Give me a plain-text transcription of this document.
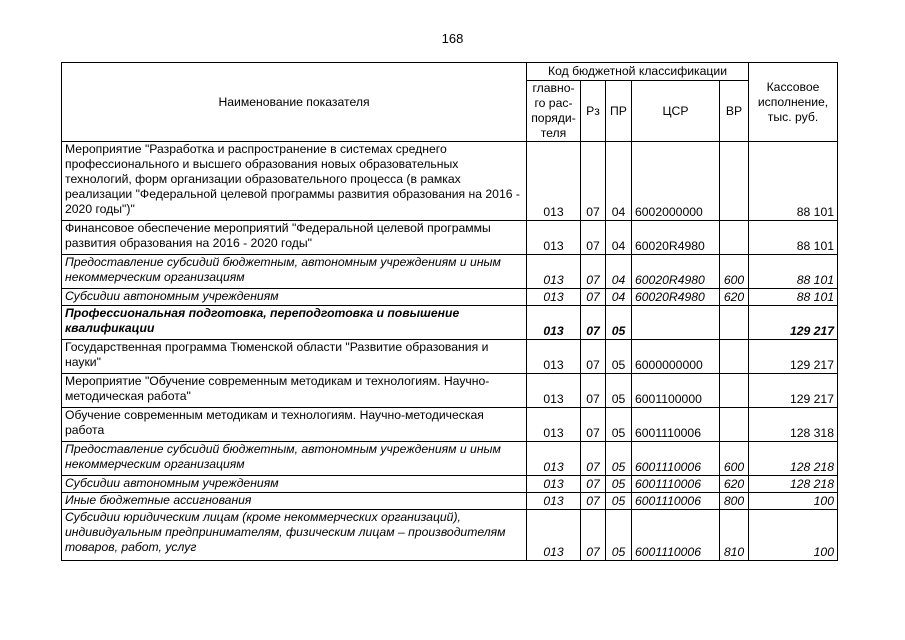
168
Наименование показателя	Код бюджетной классификации					Кассовое
исполнение,
тыс. руб.

	главно-
го рас-
поряди-
теля	Рз	ПР	ЦСР	ВР	
Мероприятие "Разработка и распространение в системах среднего профессионального и высшего образования новых образовательных технологий, форм организации образовательного процесса (в рамках реализации "Федеральной целевой программы развития образования на 2016 - 2020 годы")"	013	07	04	6002000000		88 101
Финансовое обеспечение мероприятий "Федеральной целевой программы развития образования на 2016 - 2020 годы"	013	07	04	60020R4980		88 101
Предоставление субсидий бюджетным, автономным учреждениям и иным некоммерческим организациям	013	07	04	60020R4980	600	88 101
Субсидии автономным учреждениям	013	07	04	60020R4980	620	88 101
Профессиональная подготовка, переподготовка и повышение квалификации	013	07	05			129 217
Государственная программа Тюменской области "Развитие образования и науки"	013	07	05	6000000000		129 217
Мероприятие "Обучение современным методикам и технологиям. Научно-методическая работа"	013	07	05	6001100000		129 217
Обучение современным методикам и технологиям. Научно-методическая работа	013	07	05	6001110006		128 318
Предоставление субсидий бюджетным, автономным учреждениям и иным некоммерческим организациям	013	07	05	6001110006	600	128 218
Субсидии автономным учреждениям	013	07	05	6001110006	620	128 218
Иные бюджетные ассигнования	013	07	05	6001110006	800	100
Субсидии юридическим лицам (кроме некоммерческих организаций), индивидуальным предпринимателям, физическим лицам – производителям товаров, работ, услуг	013	07	05	6001110006	810	100
